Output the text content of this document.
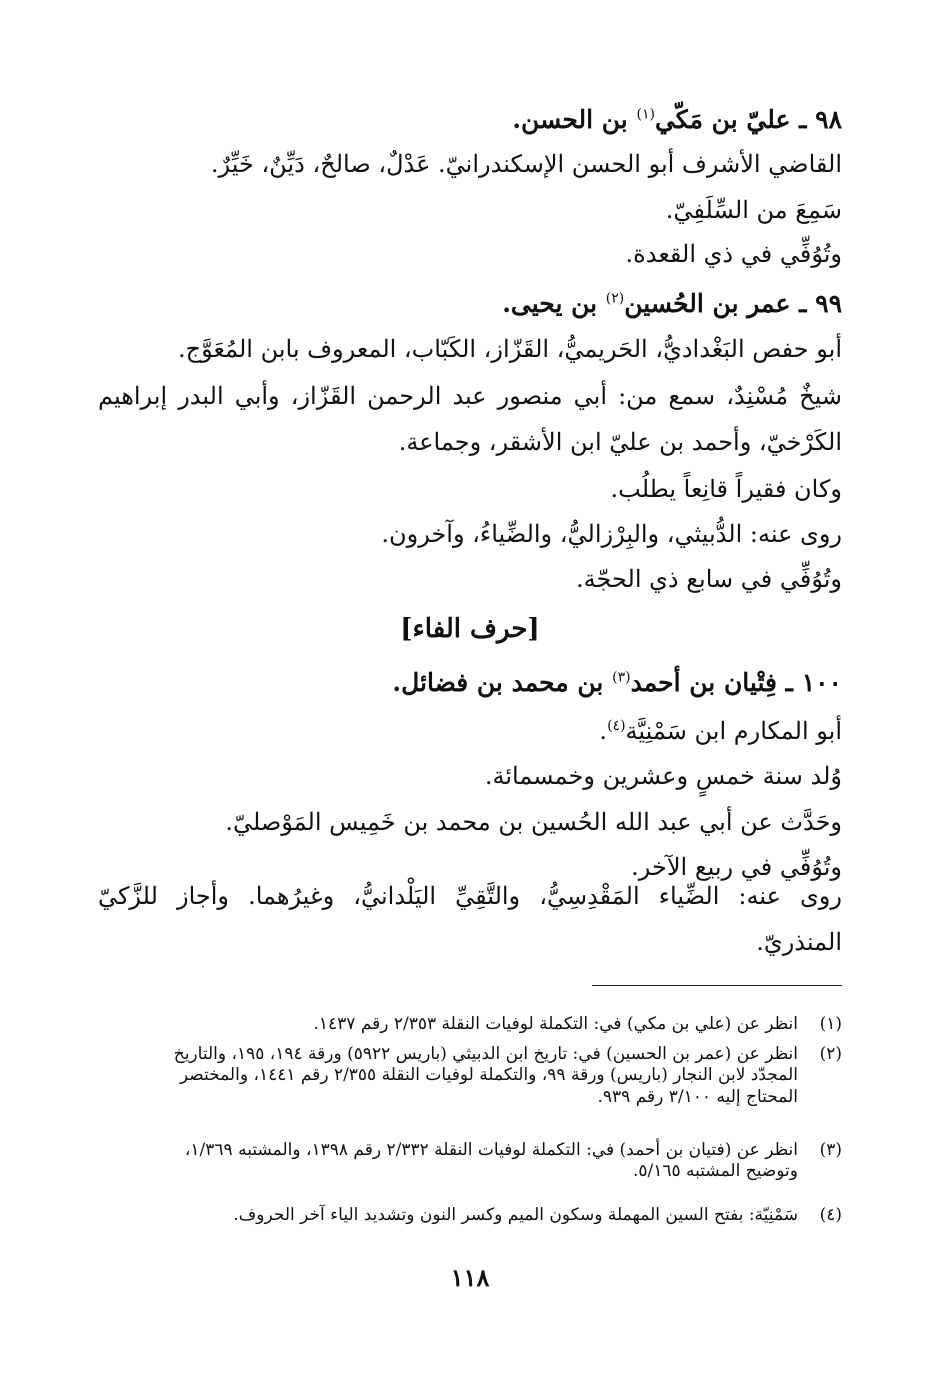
٩٨ ـ عليّ بن مَكّي$^{(١)}$ بن الحسن.
القاضي الأشرف أبو الحسن الإسكندرانيّ. عَدْلٌ، صالحٌ، دَيِّنٌ، خَيِّرٌ.
سَمِعَ من السِّلَفِيّ.
وتُوُفِّي في ذي القعدة.
٩٩ ـ عمر بن الحُسين$^{(٢)}$ بن يحيى.
أبو حفص البَغْداديُّ، الحَريميُّ، القَزّاز، الكَبّاب، المعروف بابن المُعَوَّج.
شيخٌ مُسْنِدٌ، سمع من: أبي منصور عبد الرحمن القَزّاز، وأبي البدر إبراهيم
الكَرْخيّ، وأحمد بن عليّ ابن الأشقر، وجماعة.
وكان فقيراً قانِعاً يطلُب.
روى عنه: الدُّبيثي، والبِرْزاليُّ، والضِّياءُ، وآخرون.
وتُوُفِّي في سابع ذي الحجّة.
[حرف الفاء]
١٠٠ ـ فِتْيان بن أحمد$^{(٣)}$ بن محمد بن فضائل.
أبو المكارم ابن سَمْنِيَّة$^{(٤)}$.
وُلد سنة خمسٍ وعشرين وخمسمائة.
وحَدَّث عن أبي عبد الله الحُسين بن محمد بن خَمِيس المَوْصليّ.
وتُوُفِّي في ربيع الآخر.
روى عنه: الضِّياء المَقْدِسِيُّ، والتَّقِيِّ اليَلْدانيُّ، وغيرُهما. وأجاز للزَّكيّ
المنذريّ.
(١)
انظر عن (علي بن مكي) في: التكملة لوفيات النقلة ٢/٣٥٣ رقم ١٤٣٧.
(٢)
انظر عن (عمر بن الحسين) في: تاريخ ابن الدبيثي (باريس ٥٩٢٢) ورقة ١٩٤، ١٩٥، والتاريخ
المجدّد لابن النجار (باريس) ورقة ٩٩، والتكملة لوفيات النقلة ٢/٣٥٥ رقم ١٤٤١، والمختصر
المحتاج إليه ٣/١٠٠ رقم ٩٣٩.
(٣)
انظر عن (فتيان بن أحمد) في: التكملة لوفيات النقلة ٢/٣٣٢ رقم ١٣٩٨، والمشتبه ١/٣٦٩،
وتوضيح المشتبه ٥/١٦٥.
(٤)
سَمْنِيّة: بفتح السين المهملة وسكون الميم وكسر النون وتشديد الياء آخر الحروف.
١١٨
